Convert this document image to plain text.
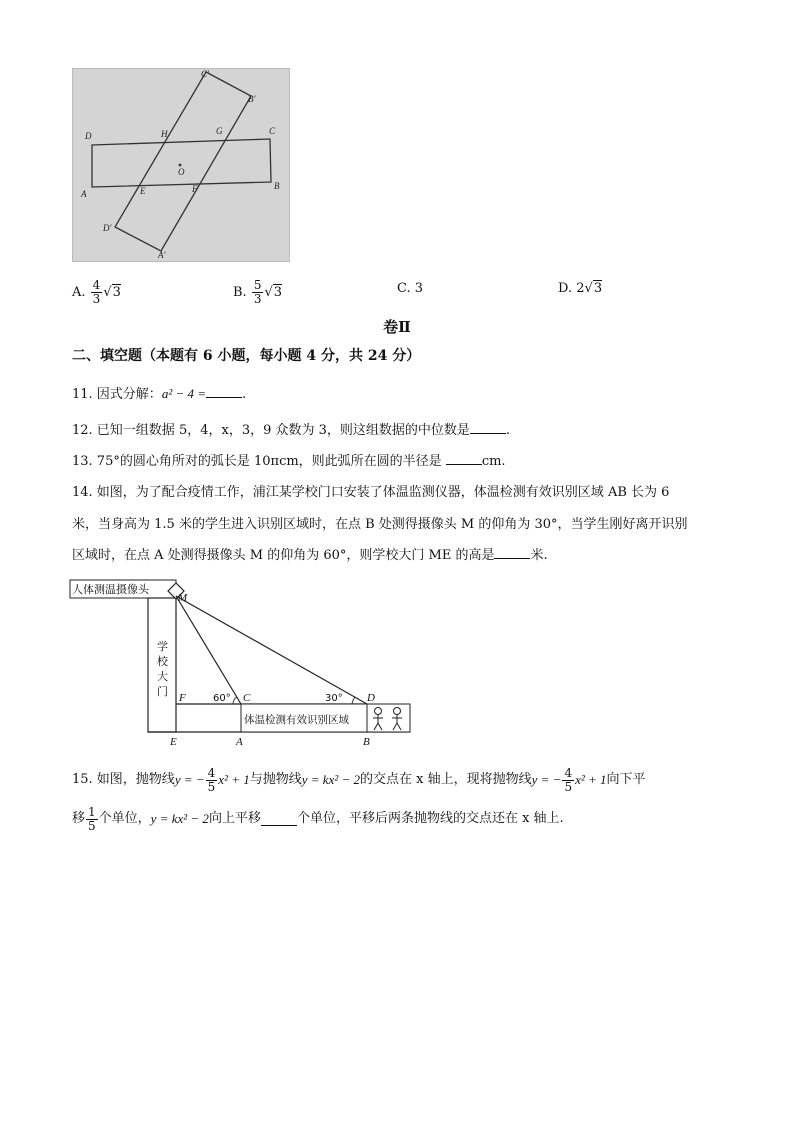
C'
B'
D	H	G	C
O
A	E	F	B
D'
A'
A. $\frac{4}{3} √3$	B. $\frac{5}{3} √3$	C. 3	D. 2√3
卷Ⅱ
二、填空题（本题有 6 小题，每小题 4 分，共 24 分）
11. 因式分解：a² − 4 =	.
12. 已知一组数据 5，4，x，3，9 众数为 3，则这组数据的中位数是	.
13. 75°的圆心角所对的弧长是 10πcm，则此弧所在圆的半径是	cm.
14. 如图，为了配合疫情工作，浦江某学校门口安装了体温监测仪器，体温检测有效识别区域 AB 长为 6
米，当身高为 1.5 米的学生进入识别区域时，在点 B 处测得摄像头 M 的仰角为 30°，当学生刚好离开识别
区域时，在点 A 处测得摄像头 M 的仰角为 60°，则学校大门 ME 的高是	米.
人体测温摄像头
学
校
大
门
体温检测有效识别区域
60°	30°
M
F	C	D
E	A	B
15. 如图，抛物线 y = − $\frac{4}{5} x^2 + 1$ 与抛物线 y = kx² − 2 的交点在 x 轴上，现将抛物线 y = − $\frac{4}{5} x^2 + 1$ 向下平
移 $\frac{1}{5}$ 个单位， y = kx² − 2 向上平移	个单位，平移后两条抛物线的交点还在 x 轴上.
